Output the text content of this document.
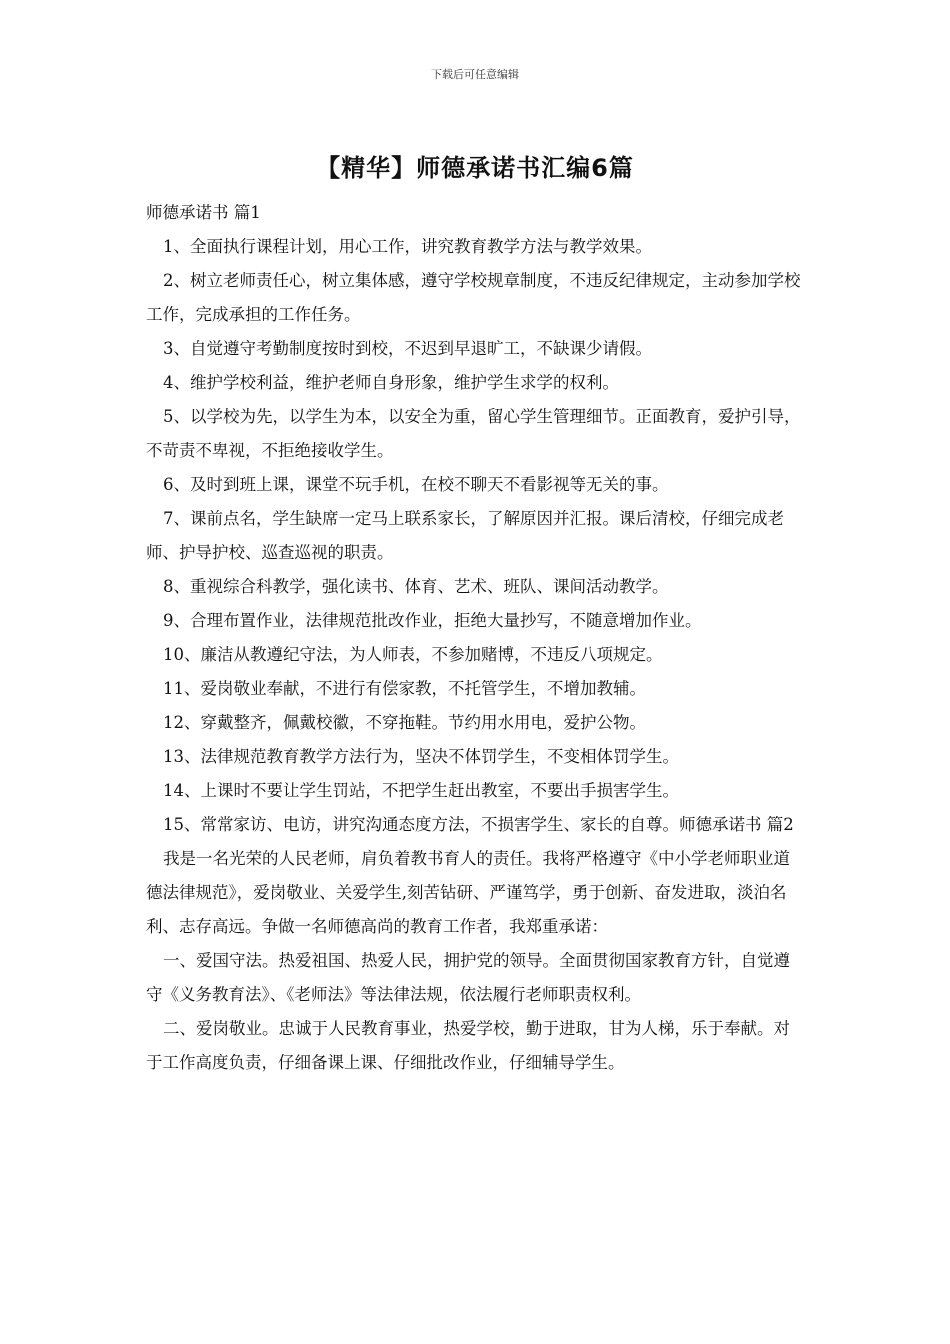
下载后可任意编辑
【精华】师德承诺书汇编6篇

师德承诺书 篇1

1、全面执行课程计划，用心工作，讲究教育教学方法与教学效果。

2、树立老师责任心，树立集体感，遵守学校规章制度，不违反纪律规定，主动参加学校工作，完成承担的工作任务。

3、自觉遵守考勤制度按时到校，不迟到早退旷工，不缺课少请假。

4、维护学校利益，维护老师自身形象，维护学生求学的权利。

5、以学校为先，以学生为本，以安全为重，留心学生管理细节。正面教育，爱护引导，不苛责不卑视，不拒绝接收学生。

6、及时到班上课，课堂不玩手机，在校不聊天不看影视等无关的事。

7、课前点名，学生缺席一定马上联系家长，了解原因并汇报。课后清校，仔细完成老师、护导护校、巡查巡视的职责。

8、重视综合科教学，强化读书、体育、艺术、班队、课间活动教学。

9、合理布置作业，法律规范批改作业，拒绝大量抄写，不随意增加作业。

10、廉洁从教遵纪守法，为人师表，不参加赌博，不违反八项规定。

11、爱岗敬业奉献，不进行有偿家教，不托管学生，不增加教辅。

12、穿戴整齐，佩戴校徽，不穿拖鞋。节约用水用电，爱护公物。

13、法律规范教育教学方法行为，坚决不体罚学生，不变相体罚学生。

14、上课时不要让学生罚站，不把学生赶出教室，不要出手损害学生。

15、常常家访、电访，讲究沟通态度方法，不损害学生、家长的自尊。师德承诺书 篇2

我是一名光荣的人民老师，肩负着教书育人的责任。我将严格遵守《中小学老师职业道德法律规范》，爱岗敬业、关爱学生,刻苦钻研、严谨笃学，勇于创新、奋发进取，淡泊名利、志存高远。争做一名师德高尚的教育工作者，我郑重承诺：

一、爱国守法。热爱祖国、热爱人民，拥护党的领导。全面贯彻国家教育方针，自觉遵守《义务教育法》、《老师法》等法律法规，依法履行老师职责权利。

二、爱岗敬业。忠诚于人民教育事业，热爱学校，勤于进取，甘为人梯，乐于奉献。对于工作高度负责，仔细备课上课、仔细批改作业，仔细辅导学生。
